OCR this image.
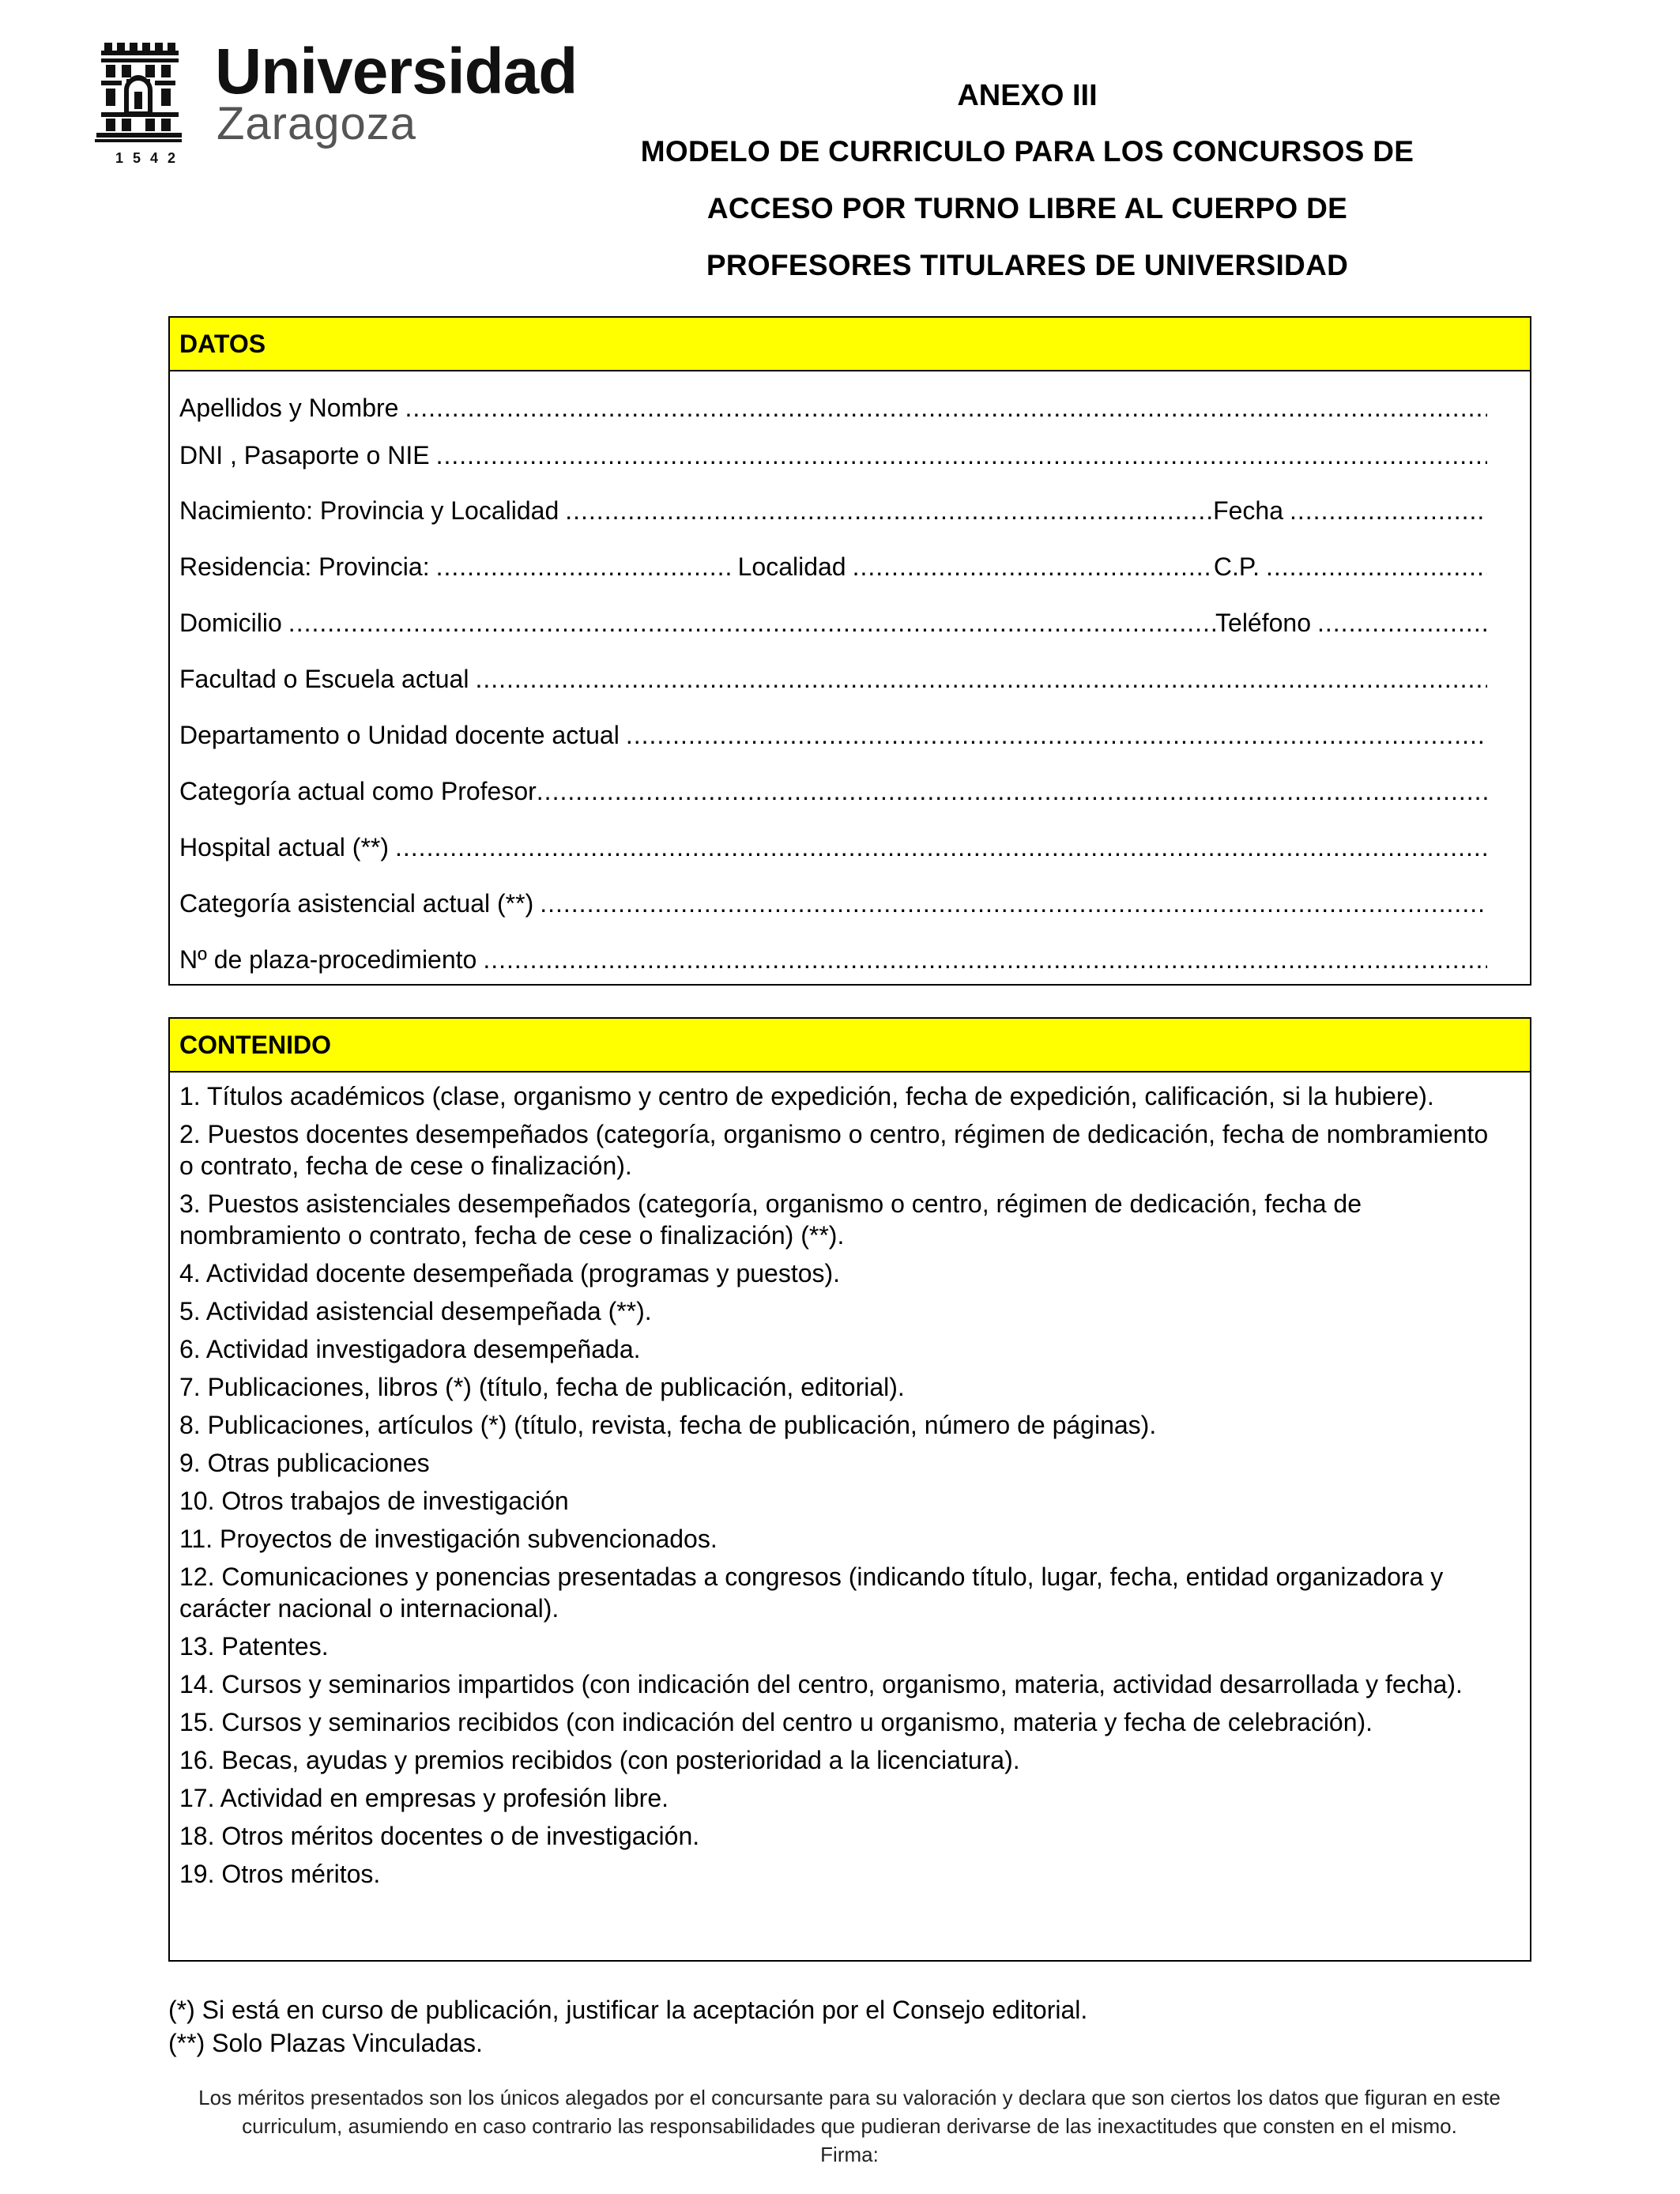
Universidad
Zaragoza
1542
ANEXO III
MODELO DE CURRICULO PARA LOS CONCURSOS DE
ACCESO POR TURNO LIBRE AL CUERPO DE
PROFESORES TITULARES DE UNIVERSIDAD
DATOS
Apellidos y Nombre
.....
DNI , Pasaporte o NIE
.....
Nacimiento: Provincia y Localidad .....	Fecha
.....
Residencia: Provincia: .....	Localidad .....	C.P.
.....
Domicilio .....	Teléfono
.....
Facultad o Escuela actual
.....
Departamento o Unidad docente actual
.....
Categoría actual como Profesor
.....
Hospital actual (**)
.....
Categoría asistencial actual (**)
.....
Nº de plaza-procedimiento
.....
CONTENIDO
1. Títulos académicos (clase, organismo y centro de expedición, fecha de expedición, calificación, si la hubiere).
2. Puestos docentes desempeñados (categoría, organismo o centro, régimen de dedicación, fecha de nombramiento o contrato, fecha de cese o finalización).
3. Puestos asistenciales desempeñados (categoría, organismo o centro, régimen de dedicación, fecha de nombramiento o contrato, fecha de cese o finalización) (**).
4. Actividad docente desempeñada (programas y puestos).
5. Actividad asistencial desempeñada (**).
6. Actividad investigadora desempeñada.
7. Publicaciones, libros (*) (título, fecha de publicación, editorial).
8. Publicaciones, artículos (*) (título, revista, fecha de publicación, número de páginas).
9. Otras publicaciones
10. Otros trabajos de investigación
11. Proyectos de investigación subvencionados.
12. Comunicaciones y ponencias presentadas a congresos (indicando título, lugar, fecha, entidad organizadora y carácter nacional o internacional).
13. Patentes.
14. Cursos y seminarios impartidos (con indicación del centro, organismo, materia, actividad desarrollada y fecha).
15. Cursos y seminarios recibidos (con indicación del centro u organismo, materia y fecha de celebración).
16. Becas, ayudas y premios recibidos (con posterioridad a la licenciatura).
17. Actividad en empresas y profesión libre.
18. Otros méritos docentes o de investigación.
19. Otros méritos.
(*) Si está en curso de publicación, justificar la aceptación por el Consejo editorial.
(**) Solo Plazas Vinculadas.
Los méritos presentados son los únicos alegados por el concursante para su valoración y declara que son ciertos los datos que figuran en este curriculum, asumiendo en caso contrario las responsabilidades que pudieran derivarse de las inexactitudes que consten en el mismo.
Firma:
